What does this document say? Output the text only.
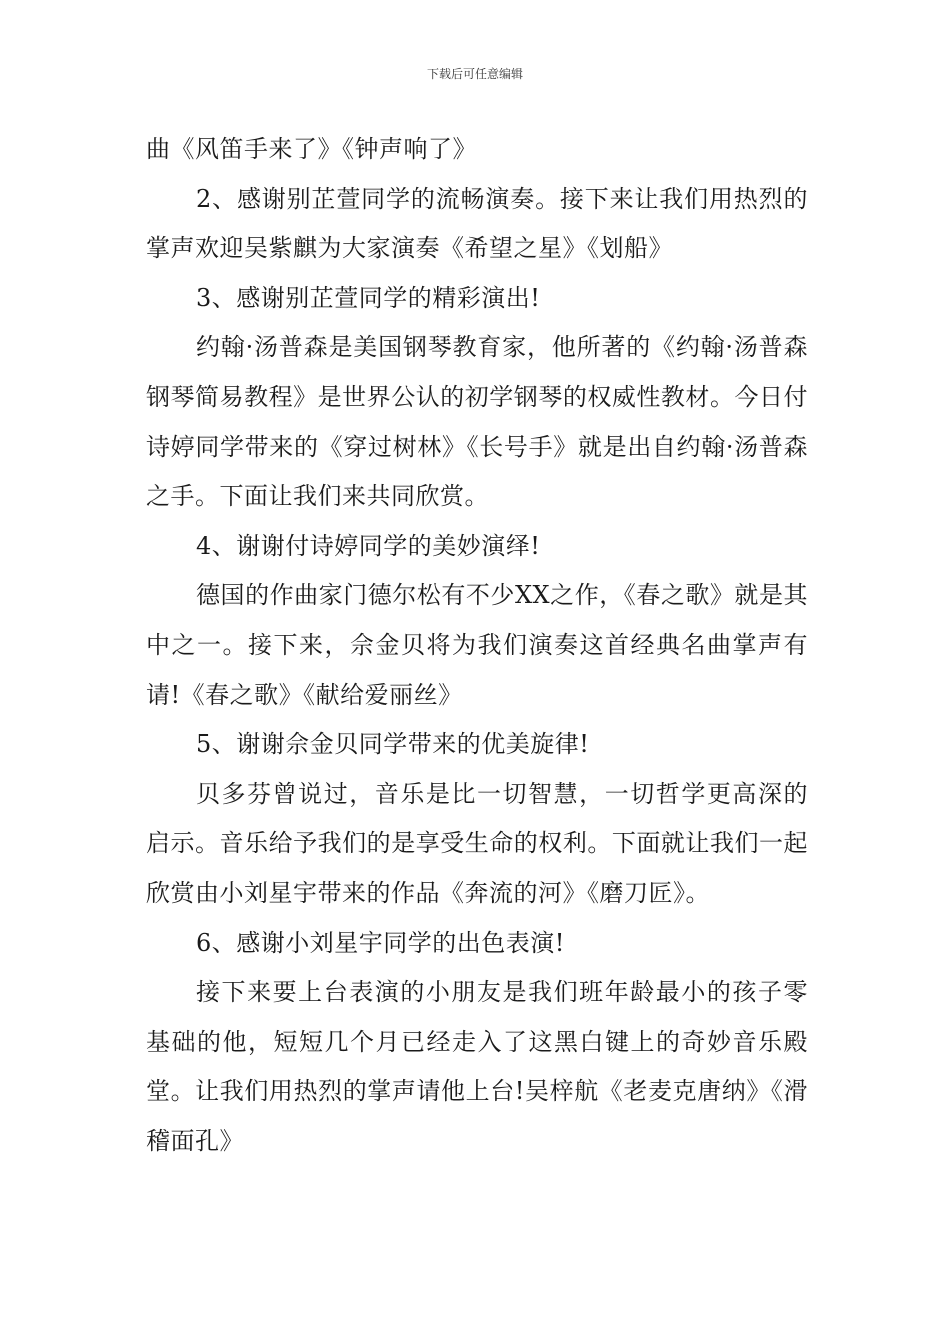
下载后可任意编辑

曲《风笛手来了》《钟声响了》

2、感谢别芷萱同学的流畅演奏。接下来让我们用热烈的掌声欢迎吴紫麒为大家演奏《希望之星》《划船》

3、感谢别芷萱同学的精彩演出!

约翰·汤普森是美国钢琴教育家，他所著的《约翰·汤普森钢琴简易教程》是世界公认的初学钢琴的权威性教材。今日付诗婷同学带来的《穿过树林》《长号手》就是出自约翰·汤普森之手。下面让我们来共同欣赏。

4、谢谢付诗婷同学的美妙演绎!

德国的作曲家门德尔松有不少XX之作，《春之歌》就是其中之一。接下来，佘金贝将为我们演奏这首经典名曲掌声有请!《春之歌》《献给爱丽丝》

5、谢谢佘金贝同学带来的优美旋律!

贝多芬曾说过，音乐是比一切智慧，一切哲学更高深的启示。音乐给予我们的是享受生命的权利。下面就让我们一起欣赏由小刘星宇带来的作品《奔流的河》《磨刀匠》。

6、感谢小刘星宇同学的出色表演!

接下来要上台表演的小朋友是我们班年龄最小的孩子零基础的他，短短几个月已经走入了这黑白键上的奇妙音乐殿堂。让我们用热烈的掌声请他上台!吴梓航《老麦克唐纳》《滑稽面孔》
